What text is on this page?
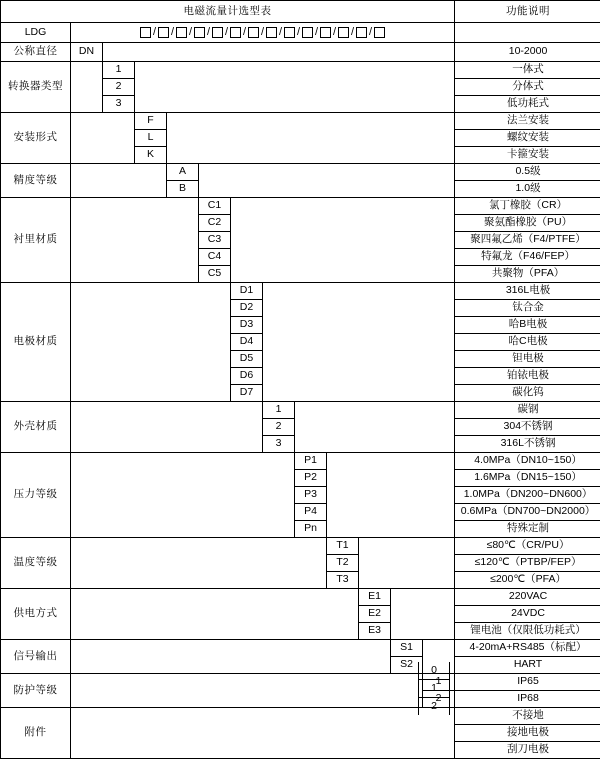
电磁流量计选型表													功能说明
LDG	/ / / / / / / / / / / / /												
公称直径	DN												10-2000
转换器类型		1											一体式
		2											分体式
		3											低功耗式
安装形式			F										法兰安装
			L										螺纹安装
			K										卡箍安装
精度等级				A									0.5级
				B									1.0级
衬里材质					C1								氯丁橡胶（CR）
					C2								聚氨酯橡胶（PU）
					C3								聚四氟乙烯（F4/PTFE）
					C4								特氟龙（F46/FEP）
					C5								共聚物（PFA）
电极材质						D1							316L电极
						D2							钛合金
						D3							哈B电极
						D4							哈C电极
						D5							钽电极
						D6							铂铱电极
						D7							碳化钨
外壳材质							1						碳钢
							2						304不锈钢
							3						316L不锈钢
压力等级								P1					4.0MPa（DN10~150）
								P2					1.6MPa（DN15~150）
								P3					1.0MPa（DN200~DN600）
								P4					0.6MPa（DN700~DN2000）
								Pn					特殊定制
温度等级									T1				≤80℃（CR/PU）
									T2				≤120℃（PTBP/FEP）
									T3				≤200℃（PFA）
供电方式										E1			220VAC
										E2			24VDC
										E3			锂电池（仅限低功耗式）
信号输出											S1		4-20mA+RS485（标配）
											S2		HART
防护等级												1	IP65
												2	IP68
附件													不接地
													接地电极
													刮刀电极
0
1
2
